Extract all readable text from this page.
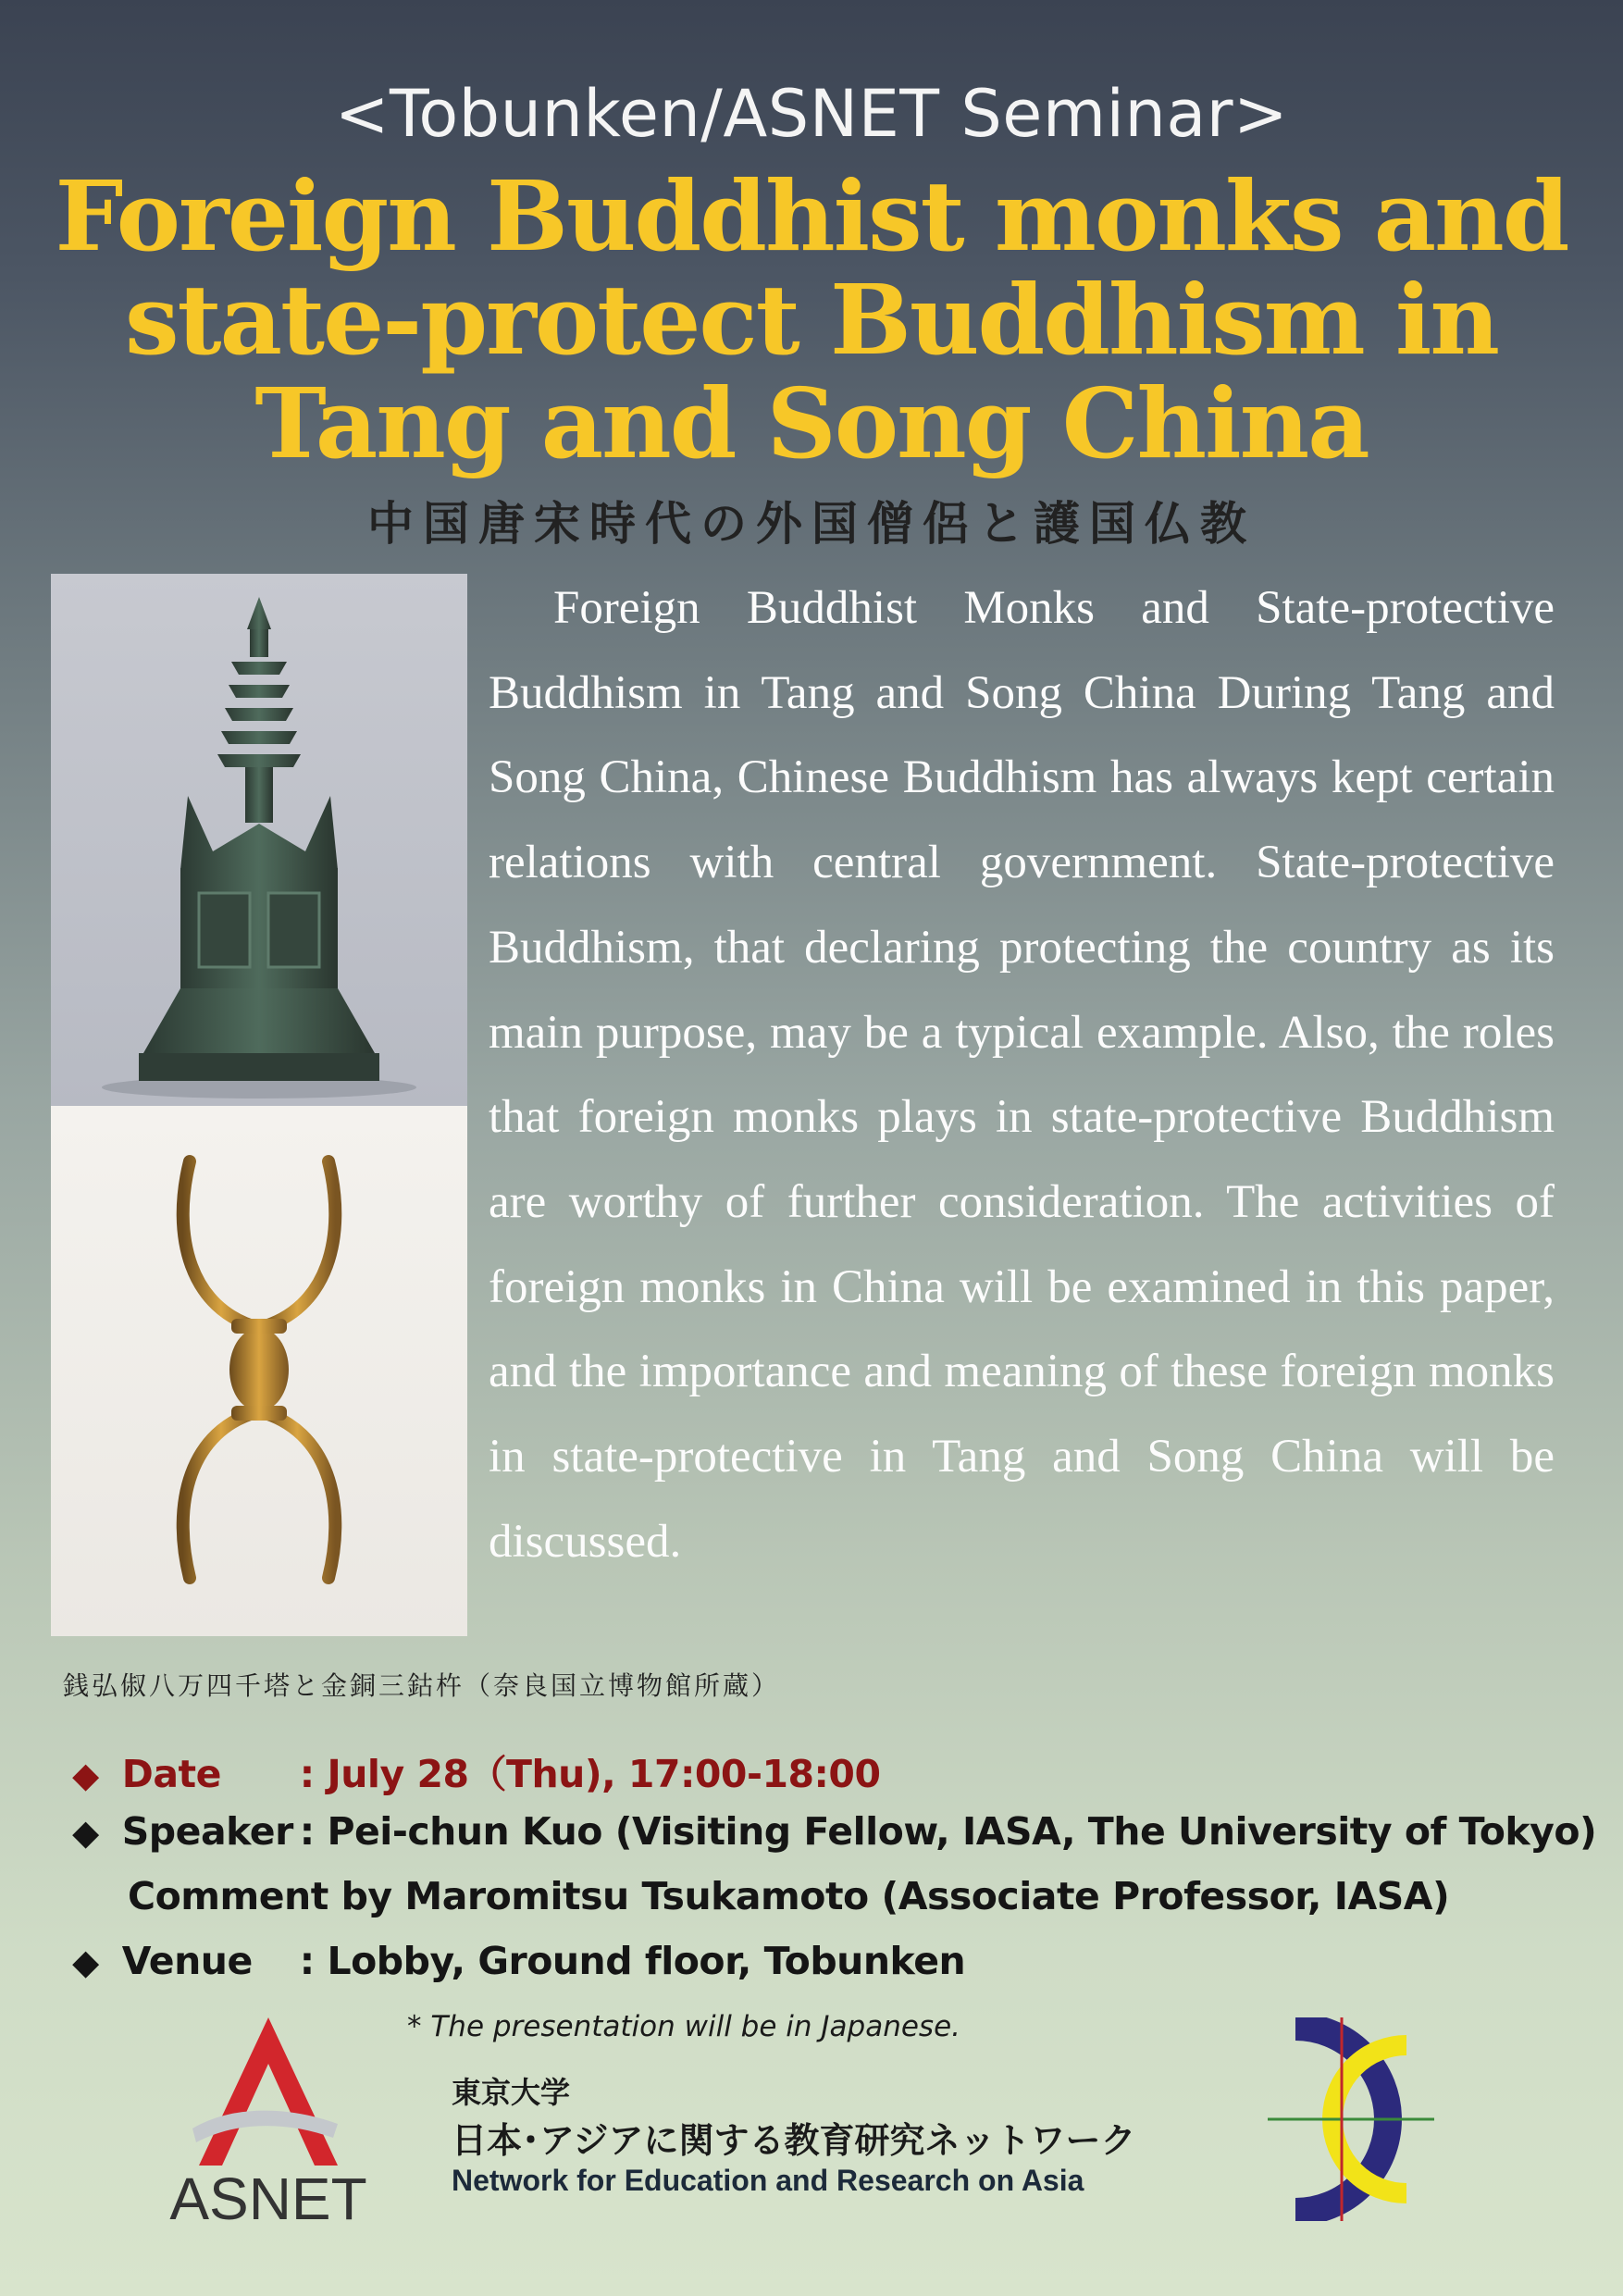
<Tobunken/ASNET Seminar>
Foreign Buddhist monks and
state-protect Buddhism in
Tang and Song China
中国唐宋時代の外国僧侶と護国仏教
Foreign Buddhist Monks and State-protective Buddhism in Tang and Song China During Tang and Song China, Chinese Buddhism has always kept certain relations with central government. State-protective Buddhism, that declaring protecting the country as its main purpose, may be a typical example. Also, the roles that foreign monks plays in state-protective Buddhism are worthy of further consideration. The activities of foreign monks in China will be examined in this paper, and the importance and meaning of these foreign monks in state-protective in Tang and Song China will be discussed.
銭弘俶八万四千塔と金銅三鈷杵（奈良国立博物館所蔵）
◆ Date : July 28（Thu), 17:00-18:00
◆ Speaker : Pei-chun Kuo (Visiting Fellow, IASA, The University of Tokyo)
Comment by Maromitsu Tsukamoto (Associate Professor, IASA)
◆ Venue : Lobby, Ground floor, Tobunken
* The presentation will be in Japanese.
ASNET
東京大学
日本･アジアに関する教育研究ネットワーク
Network for Education and Research on Asia
